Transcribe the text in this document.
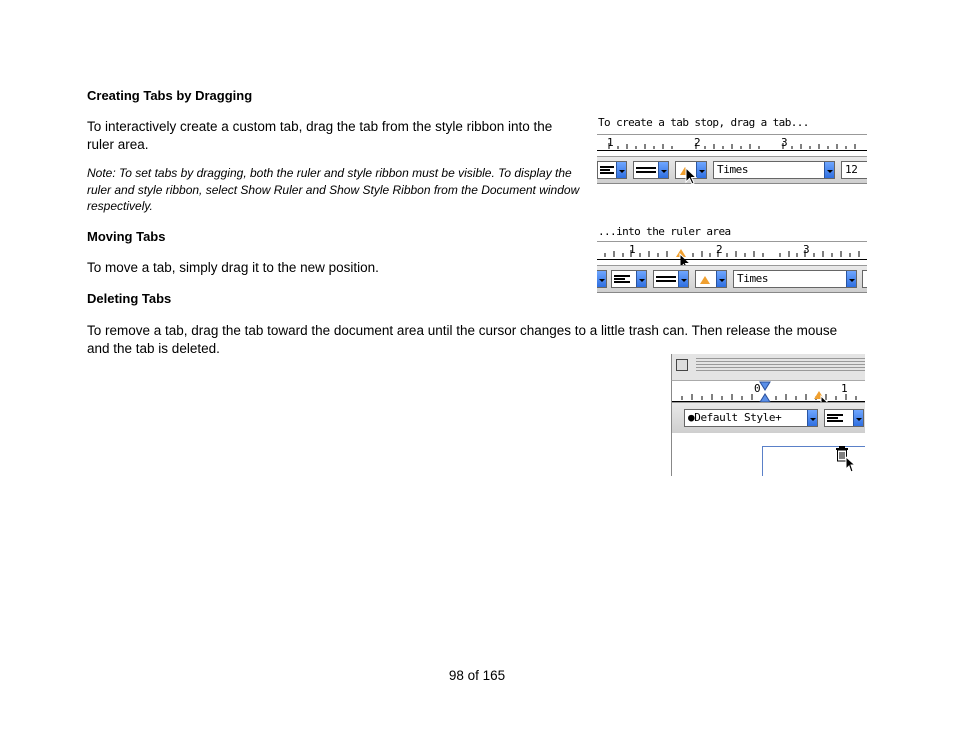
Creating Tabs by Dragging
To interactively create a custom tab, drag the tab from the style ribbon into the ruler area.
Note: To set tabs by dragging, both the ruler and style ribbon must be visible. To display the ruler and style ribbon, select Show Ruler and Show Style Ribbon from the Document window respectively.
Moving Tabs
To move a tab, simply drag it to the new position.
Deleting Tabs
To remove a tab, drag the tab toward the document area until the cursor changes to a little trash can. Then release the mouse and the tab is deleted.
To create a tab stop, drag a tab...
1	2	3
Times	12
...into the ruler area
1	2	3
Times
0	1
●Default Style+
98 of 165
